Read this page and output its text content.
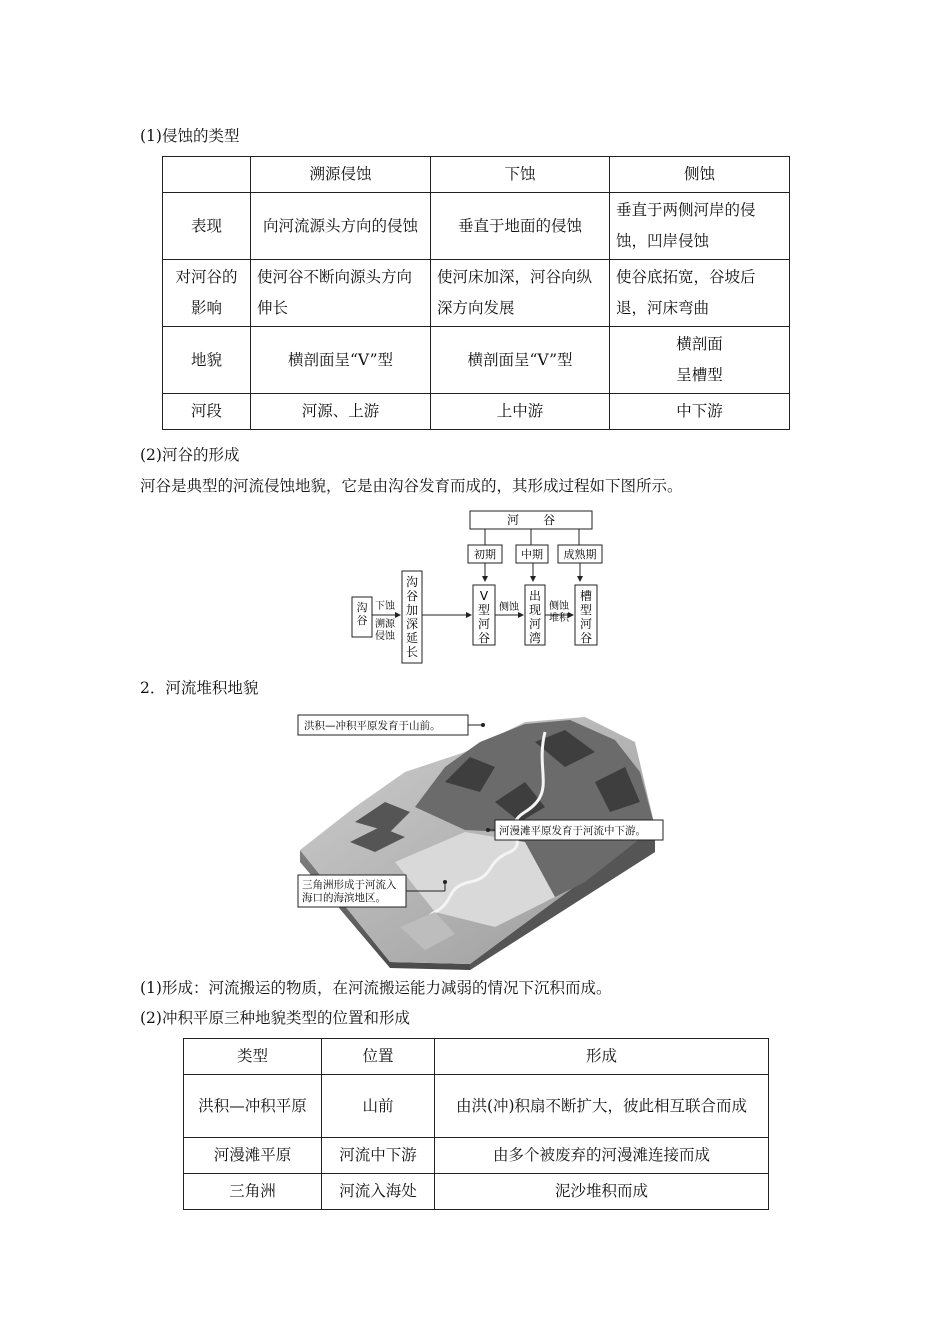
(1)侵蚀的类型
	溯源侵蚀	下蚀	侧蚀
表现	向河流源头方向的侵蚀	垂直于地面的侵蚀	垂直于两侧河岸的侵蚀，凹岸侵蚀
对河谷的影响	使河谷不断向源头方向伸长	使河床加深，河谷向纵深方向发展	使谷底拓宽，谷坡后退，河床弯曲
地貌	横剖面呈“V”型	横剖面呈“V”型	横剖面呈槽型
河段	河源、上游	上中游	中下游
(2)河谷的形成
河谷是典型的河流侵蚀地貌，它是由沟谷发育而成的，其形成过程如下图所示。
河　　谷
初期 中期 成熟期
沟谷
下蚀
溯源侵蚀
沟谷加深延长
V 型河谷
侧蚀
出现河湾
侧蚀堆积
槽型河谷
2．河流堆积地貌
洪积—冲积平原发育于山前。
河漫滩平原发育于河流中下游。
三角洲形成于河流入海口的海滨地区。
(1)形成：河流搬运的物质，在河流搬运能力减弱的情况下沉积而成。
(2)冲积平原三种地貌类型的位置和形成
类型	位置	形成
洪积—冲积平原	山前	由洪(冲)积扇不断扩大，彼此相互联合而成
河漫滩平原	河流中下游	由多个被废弃的河漫滩连接而成
三角洲	河流入海处	泥沙堆积而成
